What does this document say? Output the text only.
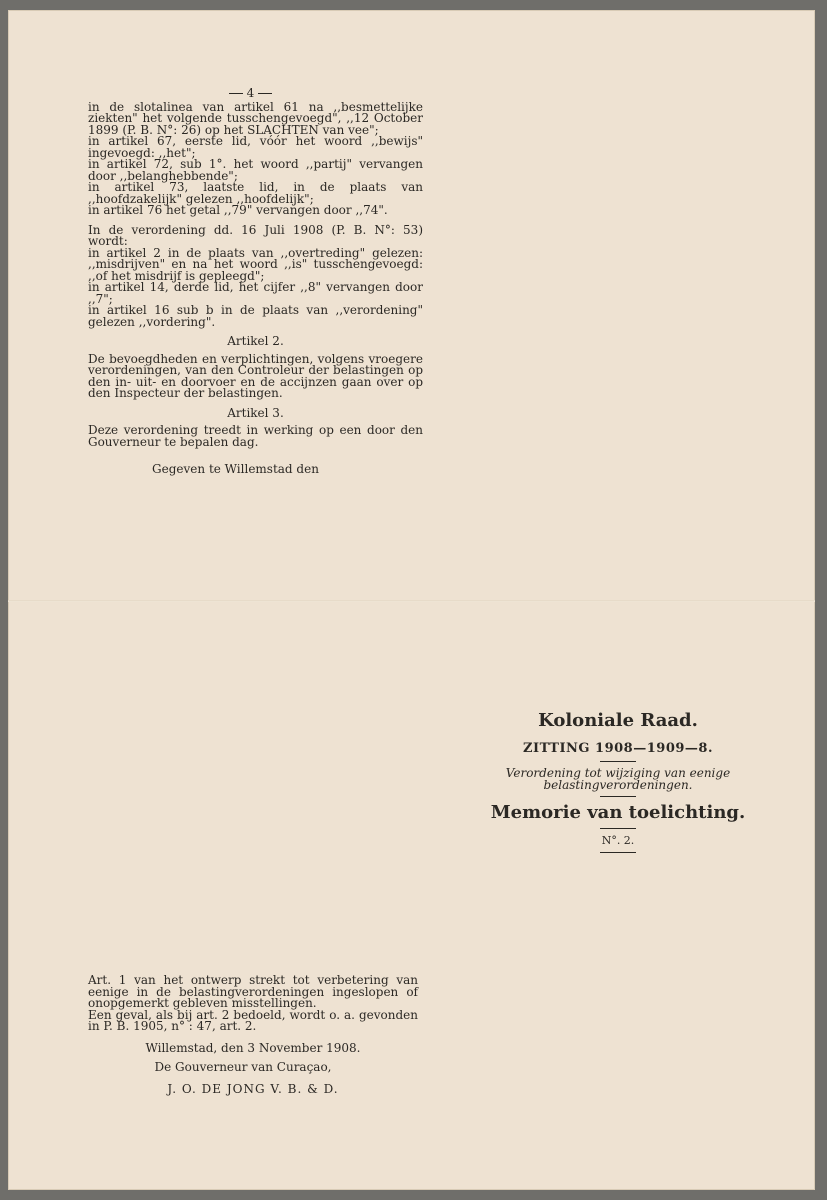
4

in de slotalinea van artikel 61 na ,,besmettelijke ziekten" het volgende tusschengevoegd", ,,12 October 1899 (P. B. N°: 26) op het SLACHTEN van vee";

in artikel 67, eerste lid, vóór het woord ,,bewijs" ingevoegd: ,,het";

in artikel 72, sub 1°. het woord ,,partij" vervangen door ,,belanghebbende";

in artikel 73, laatste lid, in de plaats van ,,hoofdzakelijk" gelezen ,,hoofdelijk";

in artikel 76 het getal ,,79" vervangen door ,,74".

In de verordening dd. 16 Juli 1908 (P. B. N°: 53) wordt:

in artikel 2 in de plaats van ,,overtreding" gelezen: ,,misdrijven" en na het woord ,,is" tusschengevoegd: ,,of het misdrijf is gepleegd";

in artikel 14, derde lid, het cijfer ,,8" vervangen door ,,7";

in artikel 16 sub b in de plaats van ,,verordening" gelezen ,,vordering".

Artikel 2.

De bevoegdheden en verplichtingen, volgens vroegere verordeningen, van den Controleur der belastingen op den in- uit- en doorvoer en de accijnzen gaan over op den Inspecteur der belastingen.

Artikel 3.

Deze verordening treedt in werking op een door den Gouverneur te bepalen dag.

Gegeven te Willemstad den

Art. 1 van het ontwerp strekt tot verbetering van eenige in de belastingverordeningen ingeslopen of onopgemerkt gebleven misstellingen.

Een geval, als bij art. 2 bedoeld, wordt o. a. gevonden in P. B. 1905, n° : 47, art. 2.

Willemstad, den 3 November 1908.
De Gouverneur van Curaçao,
J. O. DE JONG V. B. & D.
Koloniale Raad.
ZITTING 1908—1909—8.
Verordening tot wijziging van eenige belastingverordeningen.
Memorie van toelichting.
N°. 2.
